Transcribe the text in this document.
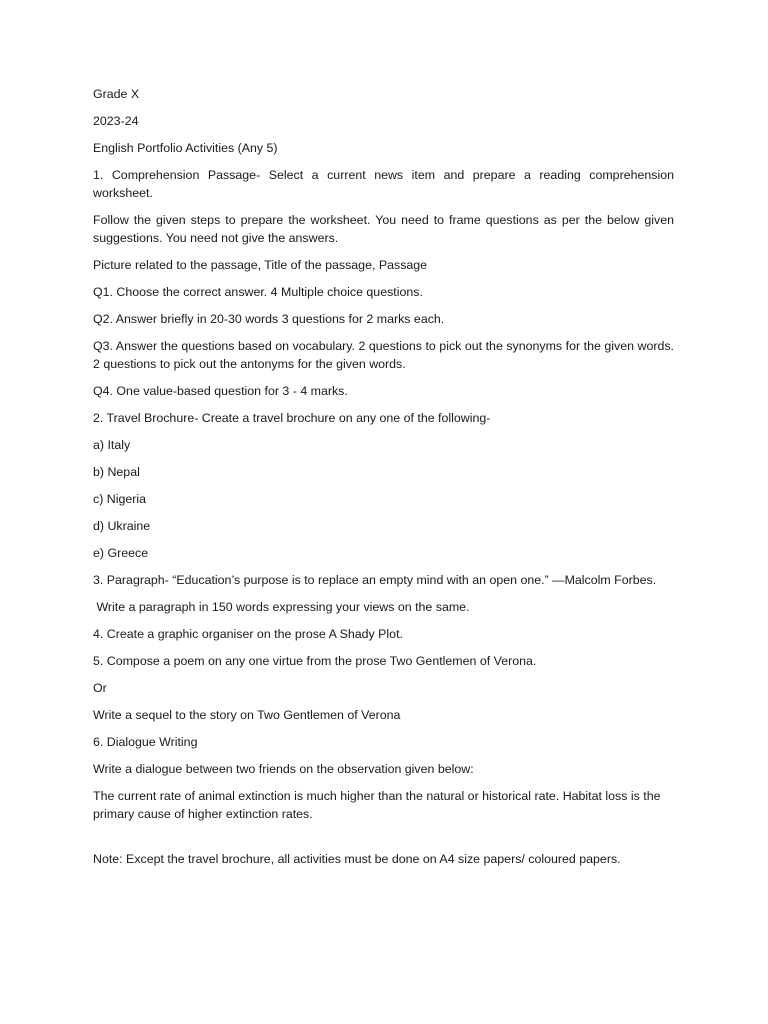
Grade X

2023-24

English Portfolio Activities (Any 5)

1. Comprehension Passage- Select a current news item and prepare a reading comprehension worksheet.

Follow the given steps to prepare the worksheet. You need to frame questions as per the below given suggestions. You need not give the answers.

Picture related to the passage, Title of the passage, Passage

Q1. Choose the correct answer. 4 Multiple choice questions.

Q2. Answer briefly in 20-30 words 3 questions for 2 marks each.

Q3. Answer the questions based on vocabulary. 2 questions to pick out the synonyms for the given words. 2 questions to pick out the antonyms for the given words.

Q4. One value-based question for 3 - 4 marks.

2. Travel Brochure- Create a travel brochure on any one of the following-

a) Italy

b) Nepal

c) Nigeria

d) Ukraine

e) Greece

3. Paragraph- “Education’s purpose is to replace an empty mind with an open one.” —Malcolm Forbes.

Write a paragraph in 150 words expressing your views on the same.

4. Create a graphic organiser on the prose A Shady Plot.

5. Compose a poem on any one virtue from the prose Two Gentlemen of Verona.

Or

Write a sequel to the story on Two Gentlemen of Verona

6. Dialogue Writing

Write a dialogue between two friends on the observation given below:

The current rate of animal extinction is much higher than the natural or historical rate. Habitat loss is the primary cause of higher extinction rates.

Note: Except the travel brochure, all activities must be done on A4 size papers/ coloured papers.
